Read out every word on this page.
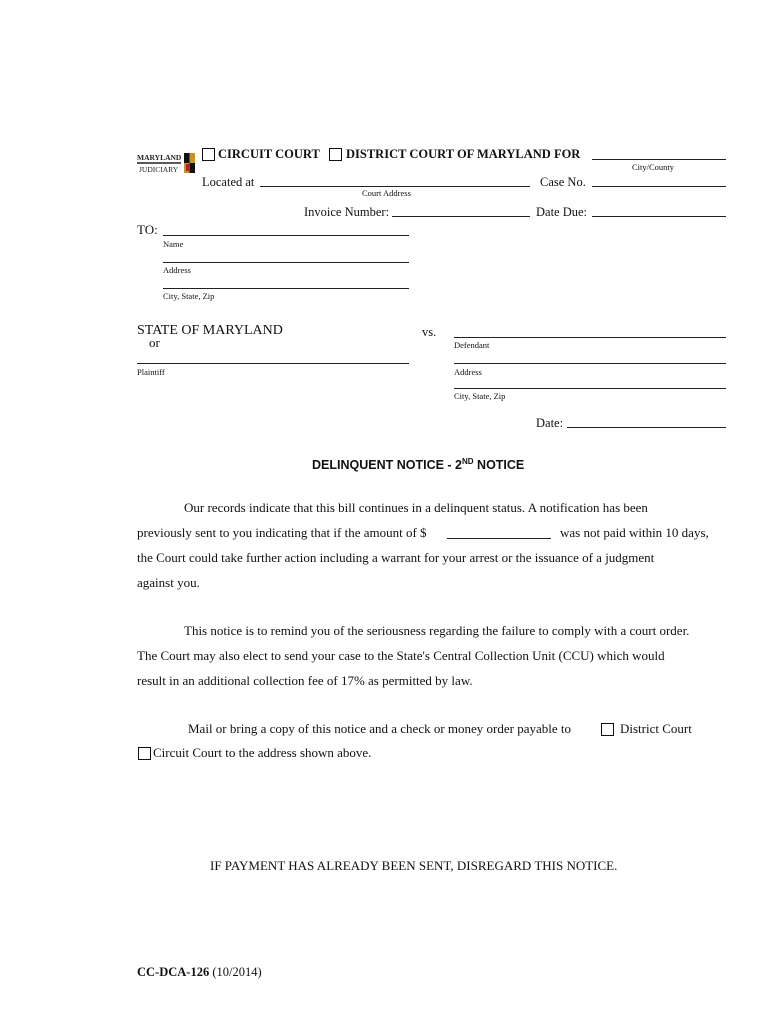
MARYLAND
JUDICIARY
CIRCUIT COURT DISTRICT COURT OF MARYLAND FOR
City/County
Located at
Court Address
Case No.
Invoice Number:	Date Due:
TO:
Name
Address
City, State, Zip
STATE OF MARYLAND
or
Plaintiff
vs.
Defendant
Address
City, State, Zip
Date:
DELINQUENT NOTICE - 2ND NOTICE
Our records indicate that this bill continues in a delinquent status. A notification has been
previously sent to you indicating that if the amount of $	was not paid within 10 days,
the Court could take further action including a warrant for your arrest or the issuance of a judgment
against you.
This notice is to remind you of the seriousness regarding the failure to comply with a court order.
The Court may also elect to send your case to the State's Central Collection Unit (CCU) which would
result in an additional collection fee of 17% as permitted by law.
Mail or bring a copy of this notice and a check or money order payable to	District Court
Circuit Court to the address shown above.
IF PAYMENT HAS ALREADY BEEN SENT, DISREGARD THIS NOTICE.
CC-DCA-126 (10/2014)
